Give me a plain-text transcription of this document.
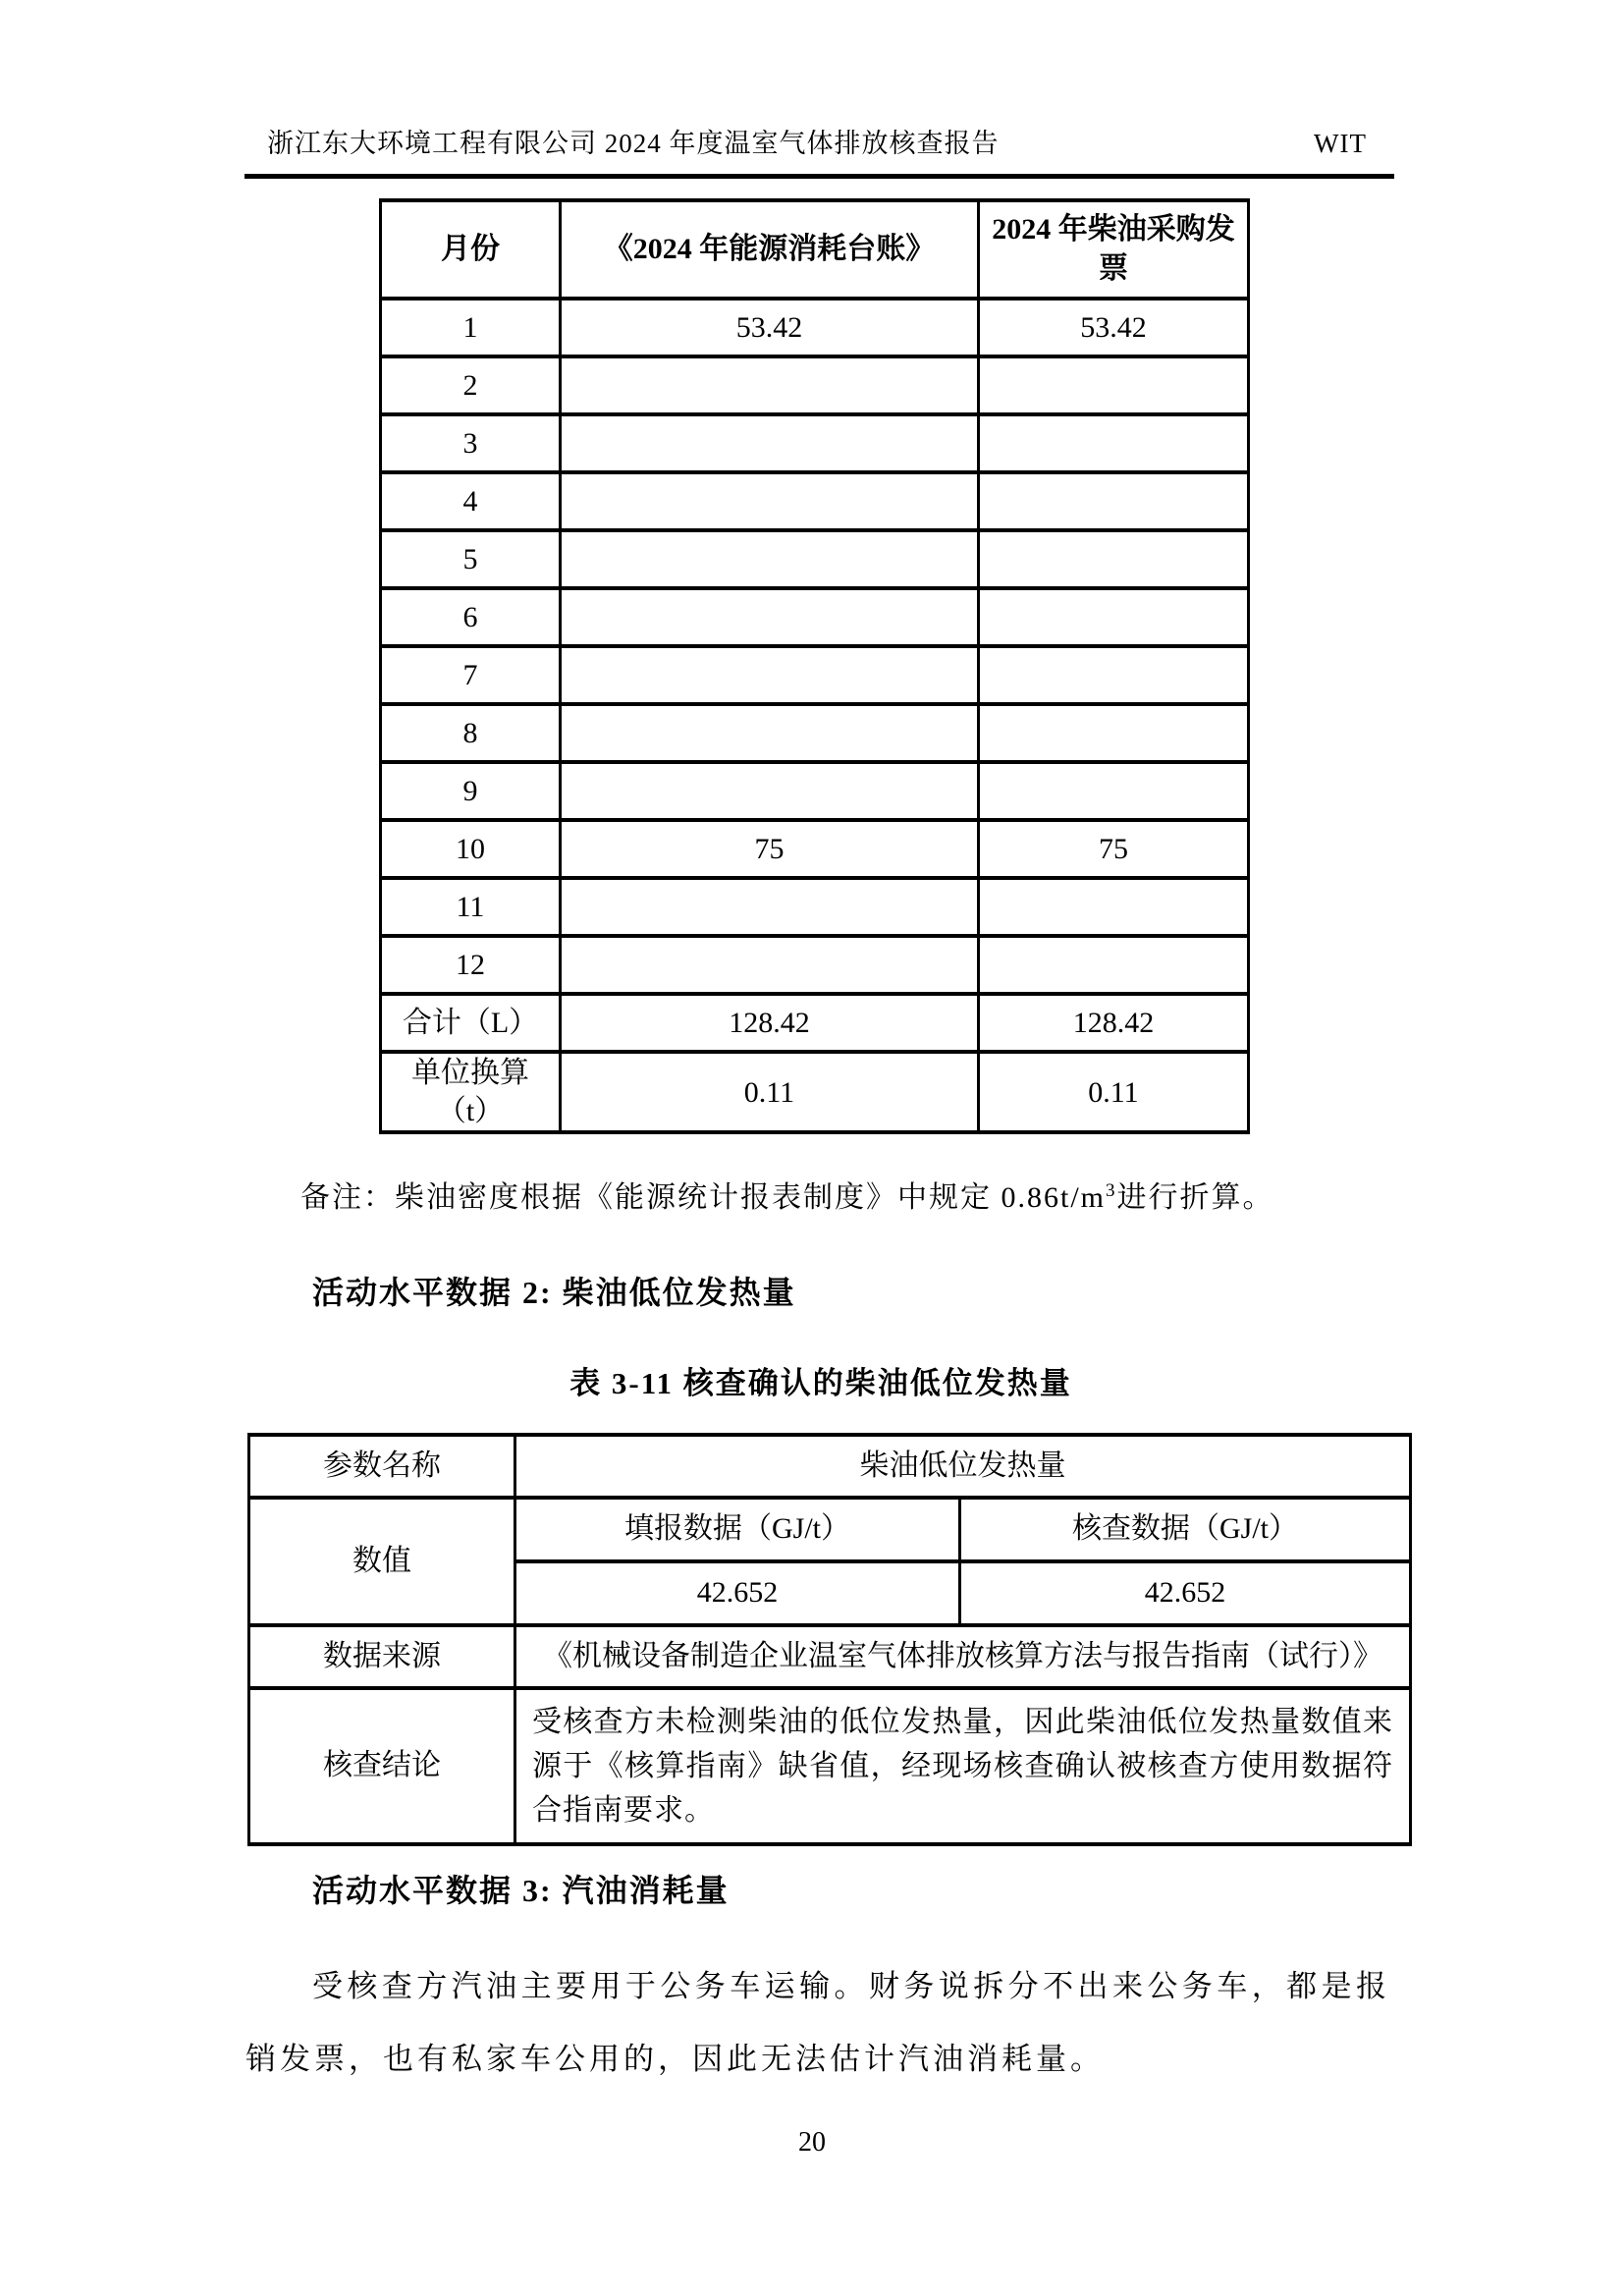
浙江东大环境工程有限公司 2024 年度温室气体排放核查报告	WIT
月份	《2024 年能源消耗台账》	2024 年柴油采购发票
1	53.42	53.42
2		
3		
4		
5		
6		
7		
8		
9		
10	75	75
11		
12		
合计（L）	128.42	128.42
单位换算（t）	0.11	0.11

备注：柴油密度根据《能源统计报表制度》中规定 $0.86t/m^3$进行折算。

活动水平数据 2: 柴油低位发热量
表 3-11 核查确认的柴油低位发热量
参数名称	柴油低位发热量	
数值	填报数据（GJ/t）	核查数据（GJ/t）
	42.652	42.652
数据来源	《机械设备制造企业温室气体排放核算方法与报告指南（试行）》	
核查结论	受核查方未检测柴油的低位发热量，因此柴油低位发热量数值来源于《核算指南》缺省值，经现场核查确认被核查方使用数据符合指南要求。	
活动水平数据 3: 汽油消耗量

受核查方汽油主要用于公务车运输。财务说拆分不出来公务车，都是报销发票，也有私家车公用的，因此无法估计汽油消耗量。

20
